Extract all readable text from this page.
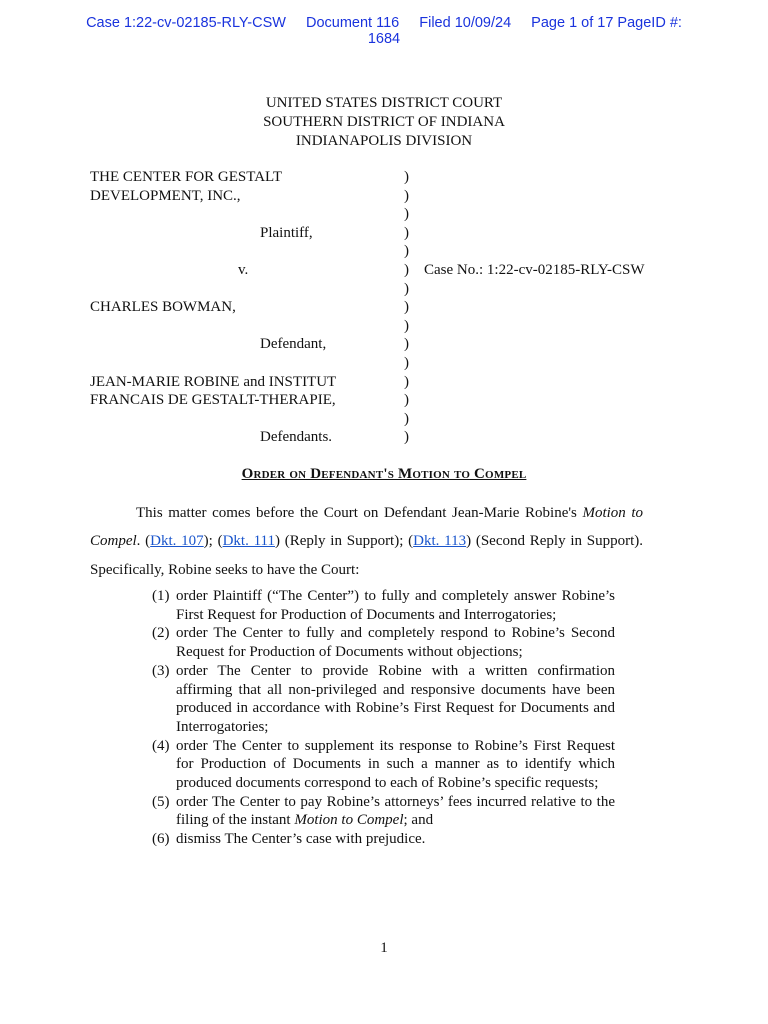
Case 1:22-cv-02185-RLY-CSW Document 116 Filed 10/09/24 Page 1 of 17 PageID #:
1684
UNITED STATES DISTRICT COURT
SOUTHERN DISTRICT OF INDIANA
INDIANAPOLIS DIVISION
THE CENTER FOR GESTALT	)
DEVELOPMENT, INC.,	)
)
Plaintiff,	)
)
v.	) Case No.: 1:22-cv-02185-RLY-CSW
)
CHARLES BOWMAN,	)
)
Defendant,	)
)
JEAN-MARIE ROBINE and INSTITUT	)
FRANCAIS DE GESTALT-THERAPIE,	)
)
Defendants.	)
Order on Defendant's Motion to Compel
This matter comes before the Court on Defendant Jean-Marie Robine's Motion to Compel. (Dkt. 107); (Dkt. 111) (Reply in Support); (Dkt. 113) (Second Reply in Support). Specifically, Robine seeks to have the Court:
(1) order Plaintiff (“The Center”) to fully and completely answer Robine’s First Request for Production of Documents and Interrogatories;
(2) order The Center to fully and completely respond to Robine’s Second Request for Production of Documents without objections;
(3) order The Center to provide Robine with a written confirmation affirming that all non-privileged and responsive documents have been produced in accordance with Robine’s First Request for Documents and Interrogatories;
(4) order The Center to supplement its response to Robine’s First Request for Production of Documents in such a manner as to identify which produced documents correspond to each of Robine’s specific requests;
(5) order The Center to pay Robine’s attorneys’ fees incurred relative to the filing of the instant Motion to Compel; and
(6) dismiss The Center’s case with prejudice.
1
